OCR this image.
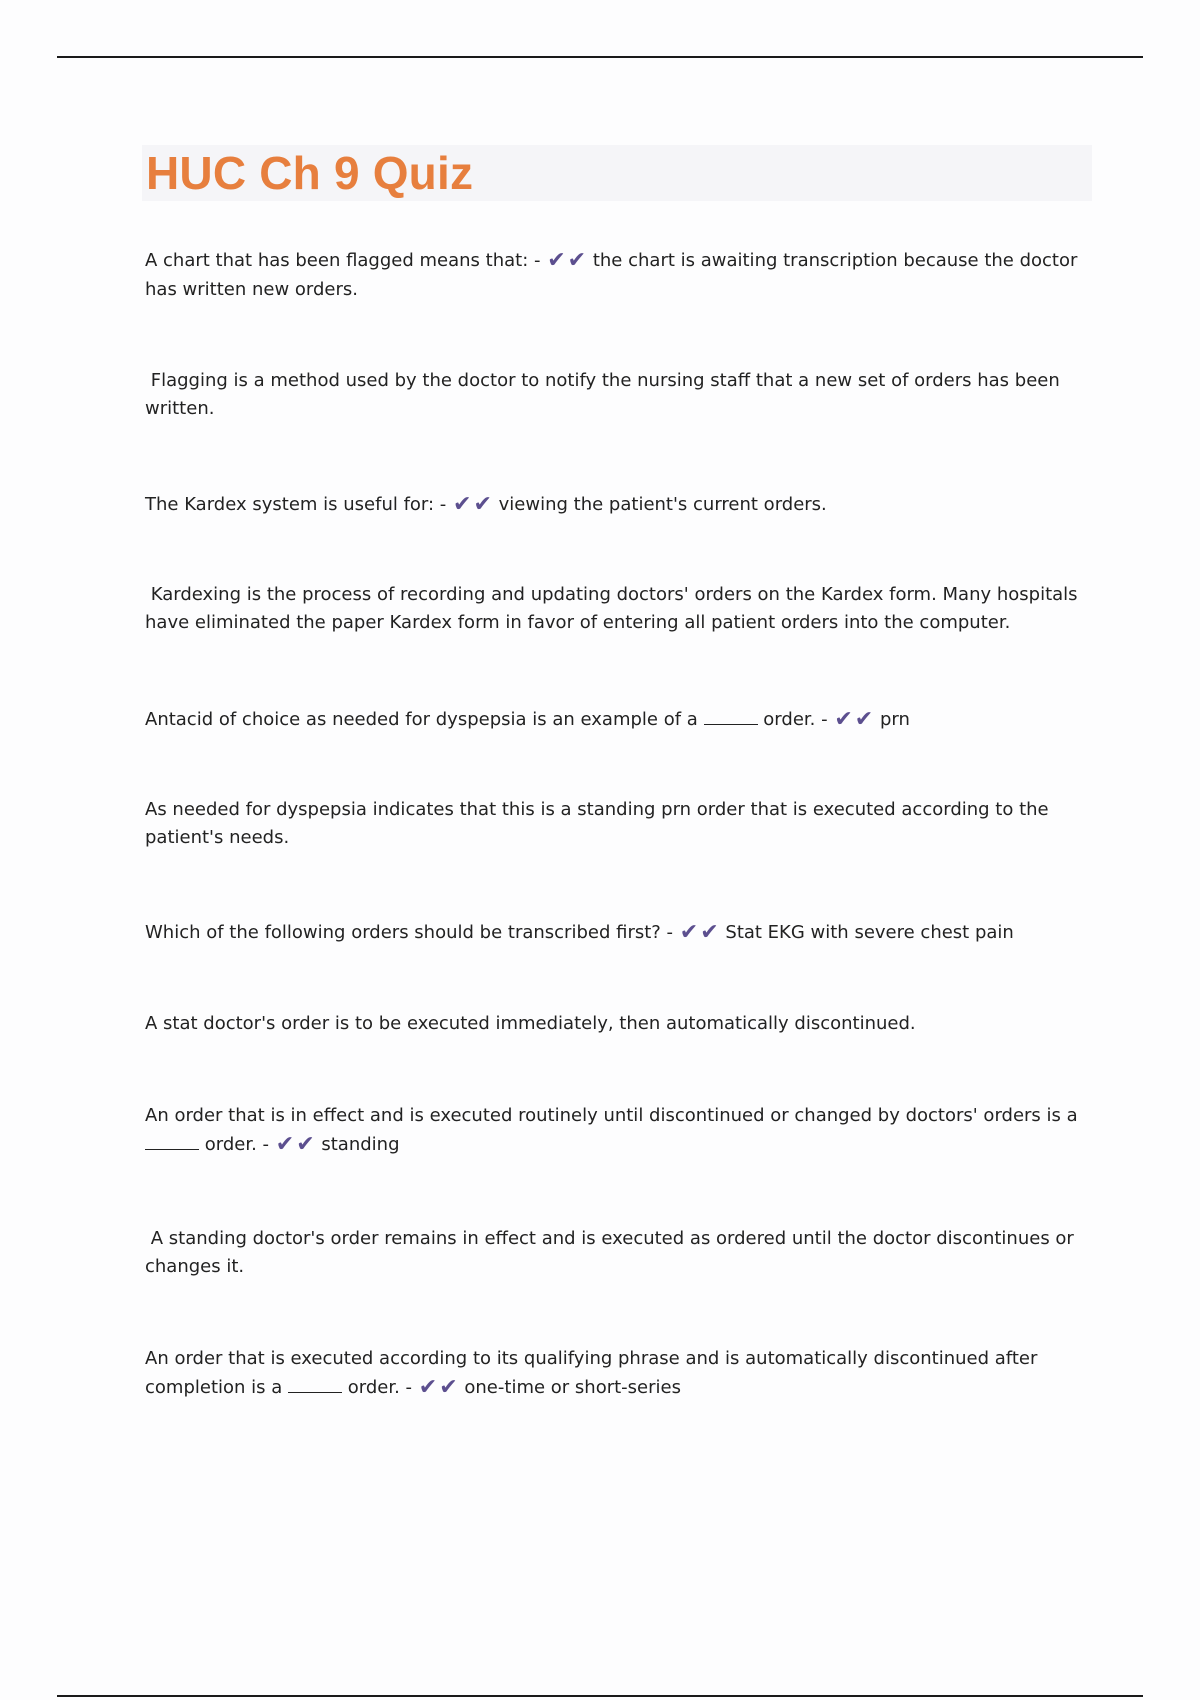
HUC Ch 9 Quiz

A chart that has been flagged means that: - ✔✔ the chart is awaiting transcription because the doctor has written new orders.

Flagging is a method used by the doctor to notify the nursing staff that a new set of orders has been written.

The Kardex system is useful for: - ✔✔ viewing the patient's current orders.

Kardexing is the process of recording and updating doctors' orders on the Kardex form. Many hospitals have eliminated the paper Kardex form in favor of entering all patient orders into the computer.

Antacid of choice as needed for dyspepsia is an example of a	order. - ✔✔ prn

As needed for dyspepsia indicates that this is a standing prn order that is executed according to the patient's needs.

Which of the following orders should be transcribed first? - ✔✔ Stat EKG with severe chest pain

A stat doctor's order is to be executed immediately, then automatically discontinued.

An order that is in effect and is executed routinely until discontinued or changed by doctors' orders is a  order. - ✔✔ standing

A standing doctor's order remains in effect and is executed as ordered until the doctor discontinues or changes it.

An order that is executed according to its qualifying phrase and is automatically discontinued after completion is a	order. - ✔✔ one-time or short-series
